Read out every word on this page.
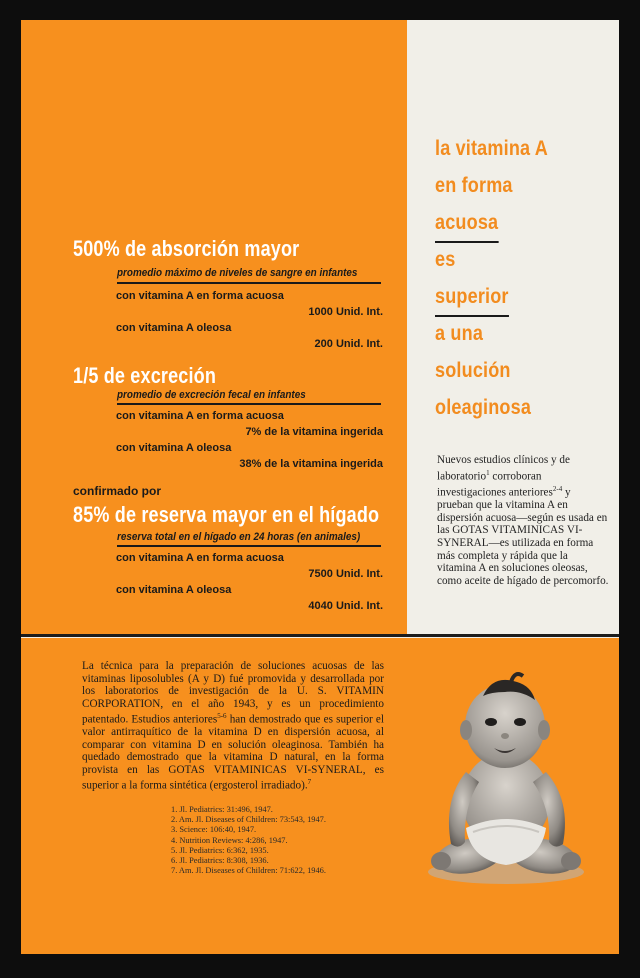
la vitamina A
en forma
acuosa
es
superior
a una
solución
oleaginosa
Nuevos estudios clínicos y de laboratorio$^1$ corroboran investigaciones anteriores$^{2-4}$ y prueban que la vitamina A en dispersión acuosa—según es usada en las GOTAS VITAMINICAS VI-SYNERAL—es utilizada en forma más completa y rápida que la vitamina A en soluciones oleosas, como aceite de hígado de percomorfo.
500% de absorción mayor
promedio máximo de niveles de sangre en infantes
con vitamina A en forma acuosa
1000 Unid. Int.
con vitamina A oleosa
200 Unid. Int.
1/5 de excreción
promedio de excreción fecal en infantes
con vitamina A en forma acuosa
7% de la vitamina ingerida
con vitamina A oleosa
38% de la vitamina ingerida
confirmado por
85% de reserva mayor en el hígado
reserva total en el hígado en 24 horas (en animales)
con vitamina A en forma acuosa
7500 Unid. Int.
con vitamina A oleosa
4040 Unid. Int.

La técnica para la preparación de soluciones acuosas de las vitaminas liposolubles (A y D) fué promovida y desarrollada por los laboratorios de investigación de la U. S. VITAMIN CORPORATION, en el año 1943, y es un procedimiento patentado. Estudios anteriores$^{5-6}$ han demostrado que es superior el valor antirraquítico de la vitamina D en dispersión acuosa, al comparar con vitamina D en solución oleaginosa. También ha quedado demostrado que la vitamina D natural, en la forma provista en las GOTAS VITAMINICAS VI-SYNERAL, es superior a la forma sintética (ergosterol irradiado).$^7$

1. Jl. Pediatrics: 31:496, 1947.
2. Am. Jl. Diseases of Children: 73:543, 1947.
3. Science: 106:40, 1947.
4. Nutrition Reviews: 4:286, 1947.
5. Jl. Pediatrics: 6:362, 1935.
6. Jl. Pediatrics: 8:308, 1936.
7. Am. Jl. Diseases of Children: 71:622, 1946.
